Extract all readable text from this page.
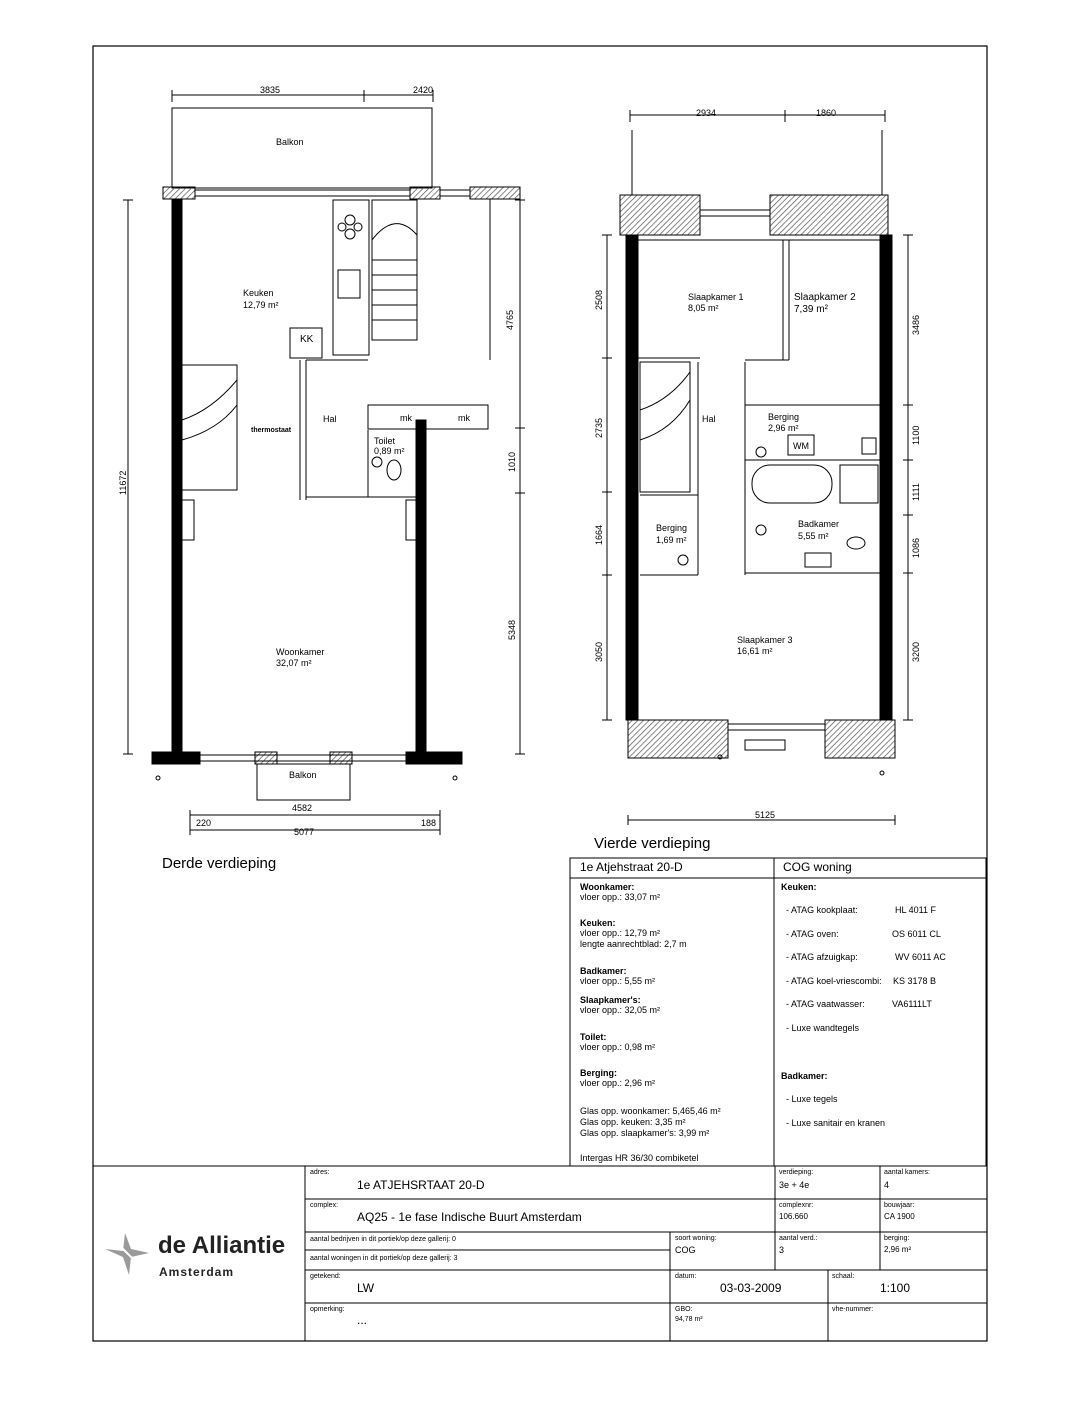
3835	2420
Balkon
Keuken
12,79 m²
KK
Hal	mk	mk
thermostaat
Toilet
0,89 m²
Woonkamer
32,07 m²
Balkon
4765
1010
5348
11672
220
4582
188
5077
Derde verdieping
2934	1860
Slaapkamer 1
8,05 m²
Slaapkamer 2
7,39 m²
Hal	Berging
2,96 m²
WM
Berging
1,69 m²
Badkamer
5,55 m²
Slaapkamer 3
16,61 m²
2508
2735
1664
3050
3486
1100
1111
1086
3200
5125
Vierde verdieping
1e Atjehstraat 20-D	COG woning
Woonkamer:
vloer opp.: 33,07 m²
Keuken:
vloer opp.: 12,79 m²
lengte aanrechtblad: 2,7 m
Badkamer:
vloer opp.: 5,55 m²
Slaapkamer's:
vloer opp.: 32,05 m²
Toilet:
vloer opp.: 0,98 m²
Berging:
vloer opp.: 2,96 m²
Glas opp. woonkamer: 5,465,46 m²
Glas opp. keuken: 3,35 m²
Glas opp. slaapkamer's: 3,99 m²
Intergas HR 36/30 combiketel
Keuken:
- ATAG kookplaat:	HL 4011 F
- ATAG oven:	OS 6011 CL
- ATAG afzuigkap:	WV 6011 AC
- ATAG koel-vriescombi: KS 3178 B
- ATAG vaatwasser:	VA6111LT
- Luxe wandtegels
Badkamer:
- Luxe tegels
- Luxe sanitair en kranen
de Alliantie
Amsterdam
adres:
1e ATJEHSRTAAT 20-D
verdieping:
3e + 4e
aantal kamers:
4
complex:
AQ25 - 1e fase Indische Buurt Amsterdam
complexnr:
106.660
bouwjaar:
CA 1900
aantal bedrijven in dit portiek/op deze gallerij: 0
aantal woningen in dit portiek/op deze gallerij: 3
soort woning:
COG
aantal verd.:
3
berging:
2,96 m²
getekend:
LW
datum:
03-03-2009
schaal:
1:100
opmerking:
...
GBO:
94,78 m²
vhe-nummer:
